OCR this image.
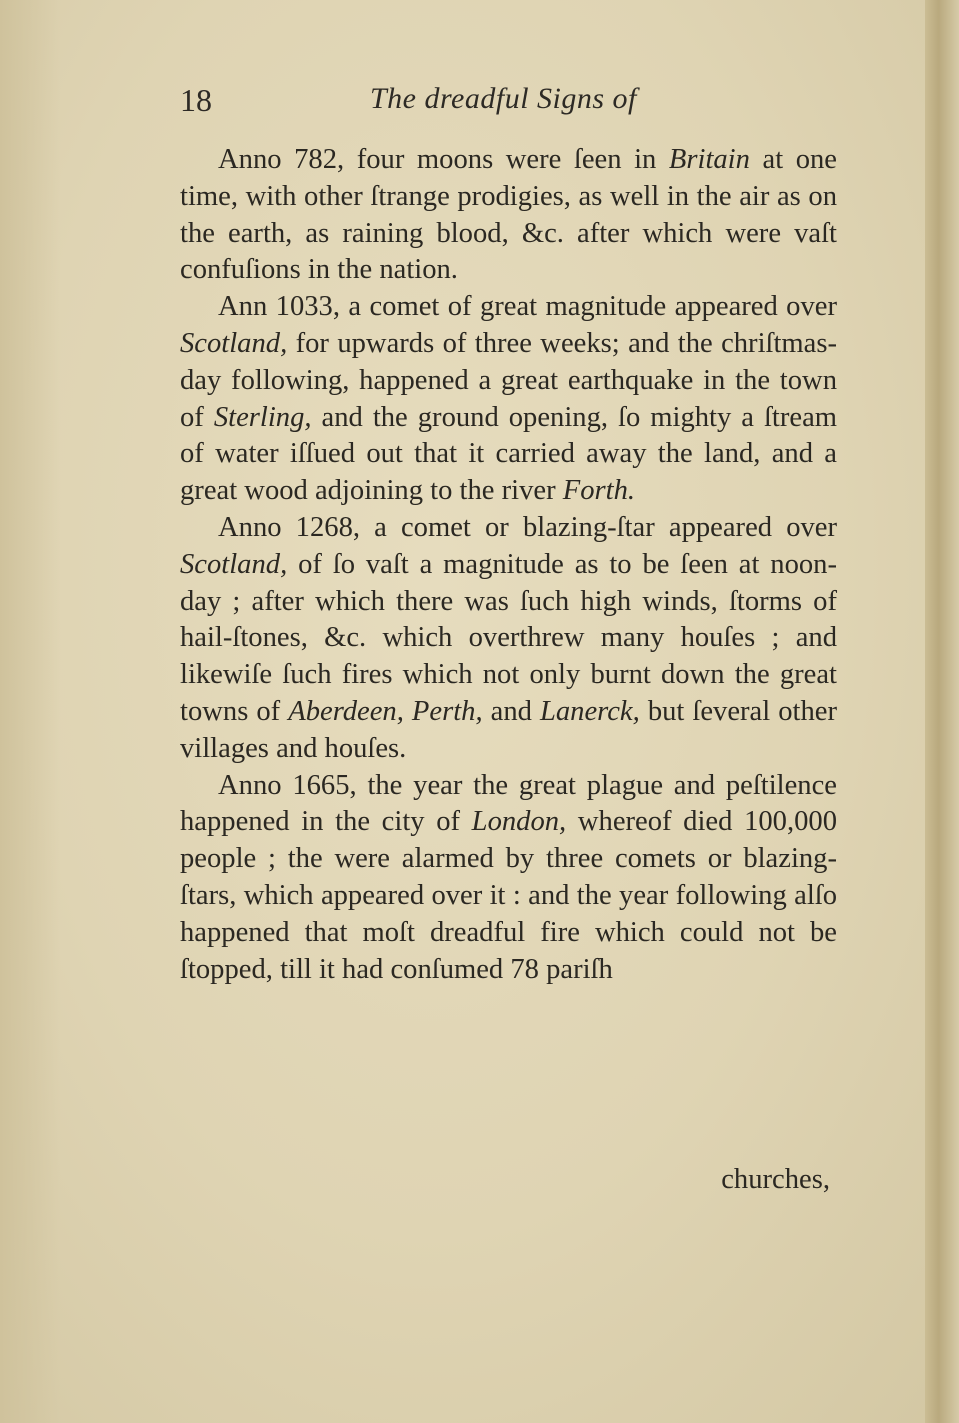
18	The dreadful Signs of

Anno 782, four moons were ſeen in Britain at one time, with other ſtrange prodigies, as well in the air as on the earth, as raining blood, &c. after which were vaſt confuſions in the nation.

Ann 1033, a comet of great magnitude appeared over Scotland, for upwards of three weeks; and the chriſtmas-day following, happened a great earthquake in the town of Sterling, and the ground opening, ſo mighty a ſtream of water iſſued out that it carried away the land, and a great wood adjoining to the river Forth.

Anno 1268, a comet or blazing-ſtar appeared over Scotland, of ſo vaſt a magnitude as to be ſeen at noon-day ; after which there was ſuch high winds, ſtorms of hail-ſtones, &c. which overthrew many houſes ; and likewiſe ſuch fires which not only burnt down the great towns of Aberdeen, Perth, and Lanerck, but ſeveral other villages and houſes.

Anno 1665, the year the great plague and peſtilence happened in the city of London, whereof died 100,000 people ; the were alarmed by three comets or blazing-ſtars, which appeared over it : and the year following alſo happened that moſt dreadful fire which could not be ſtopped, till it had conſumed 78 pariſh

churches,
